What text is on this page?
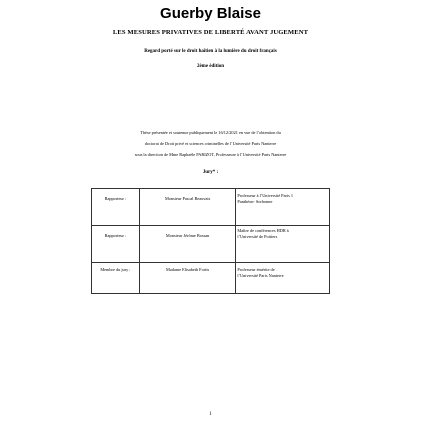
Guerby Blaise
LES MESURES PRIVATIVES DE LIBERTÉ AVANT JUGEMENT
Regard porté sur le droit haïtien à la lumière du droit français
2ème édition
Thèse présentée et soutenue publiquement le 16/12/2021 en vue de l’obtention du
doctorat de Droit privé et sciences criminelles de l’Université Paris Nanterre
sous la direction de Mme Raphaële PARIZOT, Professeure à l’Université Paris Nanterre
Jury* :
Rapporteur :	Monsieur Pascal Beauvais	Professeur à l’Université Paris 1
Panthéon- Sorbonne

Rapporteur :	Monsieur Jérôme Bossan	Maître de conférences HDR à
l’Université de Poitiers

Membre du jury :	Madame Elisabeth Fortis	Professeur émérite de
l’Université Paris Nanterre
1
